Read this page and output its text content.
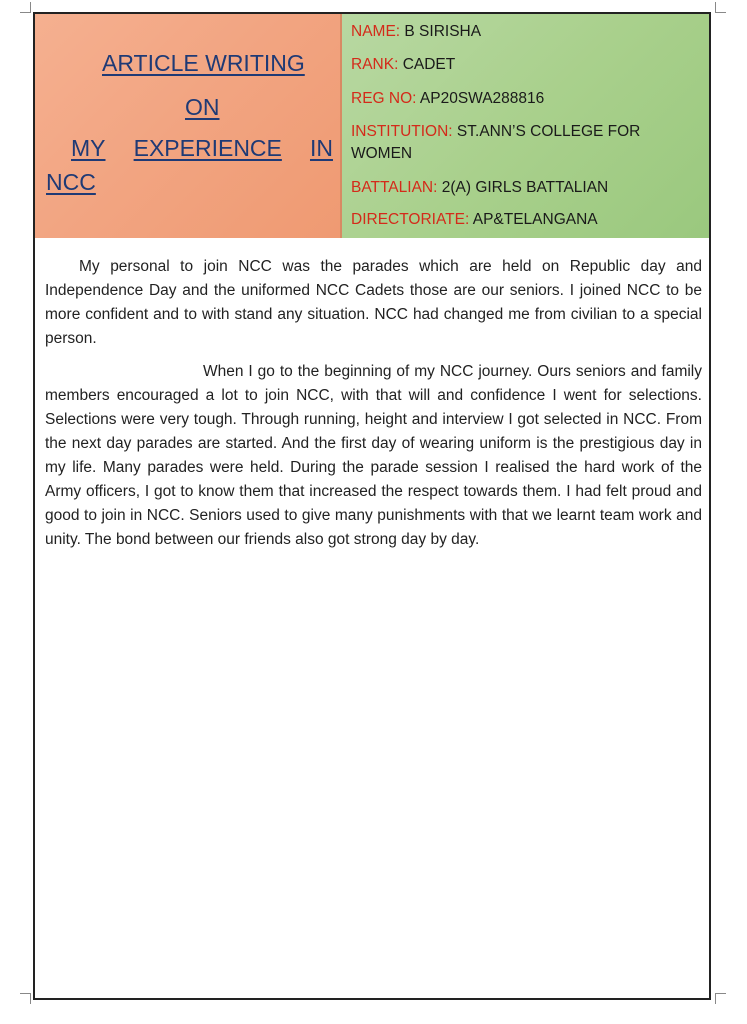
ARTICLE WRITING
ON
MY EXPERIENCE IN
NCC
NAME: B SIRISHA
RANK: CADET
REG NO: AP20SWA288816
INSTITUTION: ST.ANN’S COLLEGE FOR
WOMEN
BATTALIAN: 2(A) GIRLS BATTALIAN
DIRECTORIATE: AP&TELANGANA

My personal to join NCC was the parades which are held on Republic day and Independence Day and the uniformed NCC Cadets those are our seniors. I joined NCC to be more confident and to with stand any situation. NCC had changed me from civilian to a special person.

When I go to the beginning of my NCC journey. Ours seniors and family members encouraged a lot to join NCC, with that will and confidence I went for selections. Selections were very tough. Through running, height and interview I got selected in NCC. From the next day parades are started. And the first day of wearing uniform is the prestigious day in my life. Many parades were held. During the parade session I realised the hard work of the Army officers, I got to know them that increased the respect towards them. I had felt proud and good to join in NCC. Seniors used to give many punishments with that we learnt team work and unity. The bond between our friends also got strong day by day.
